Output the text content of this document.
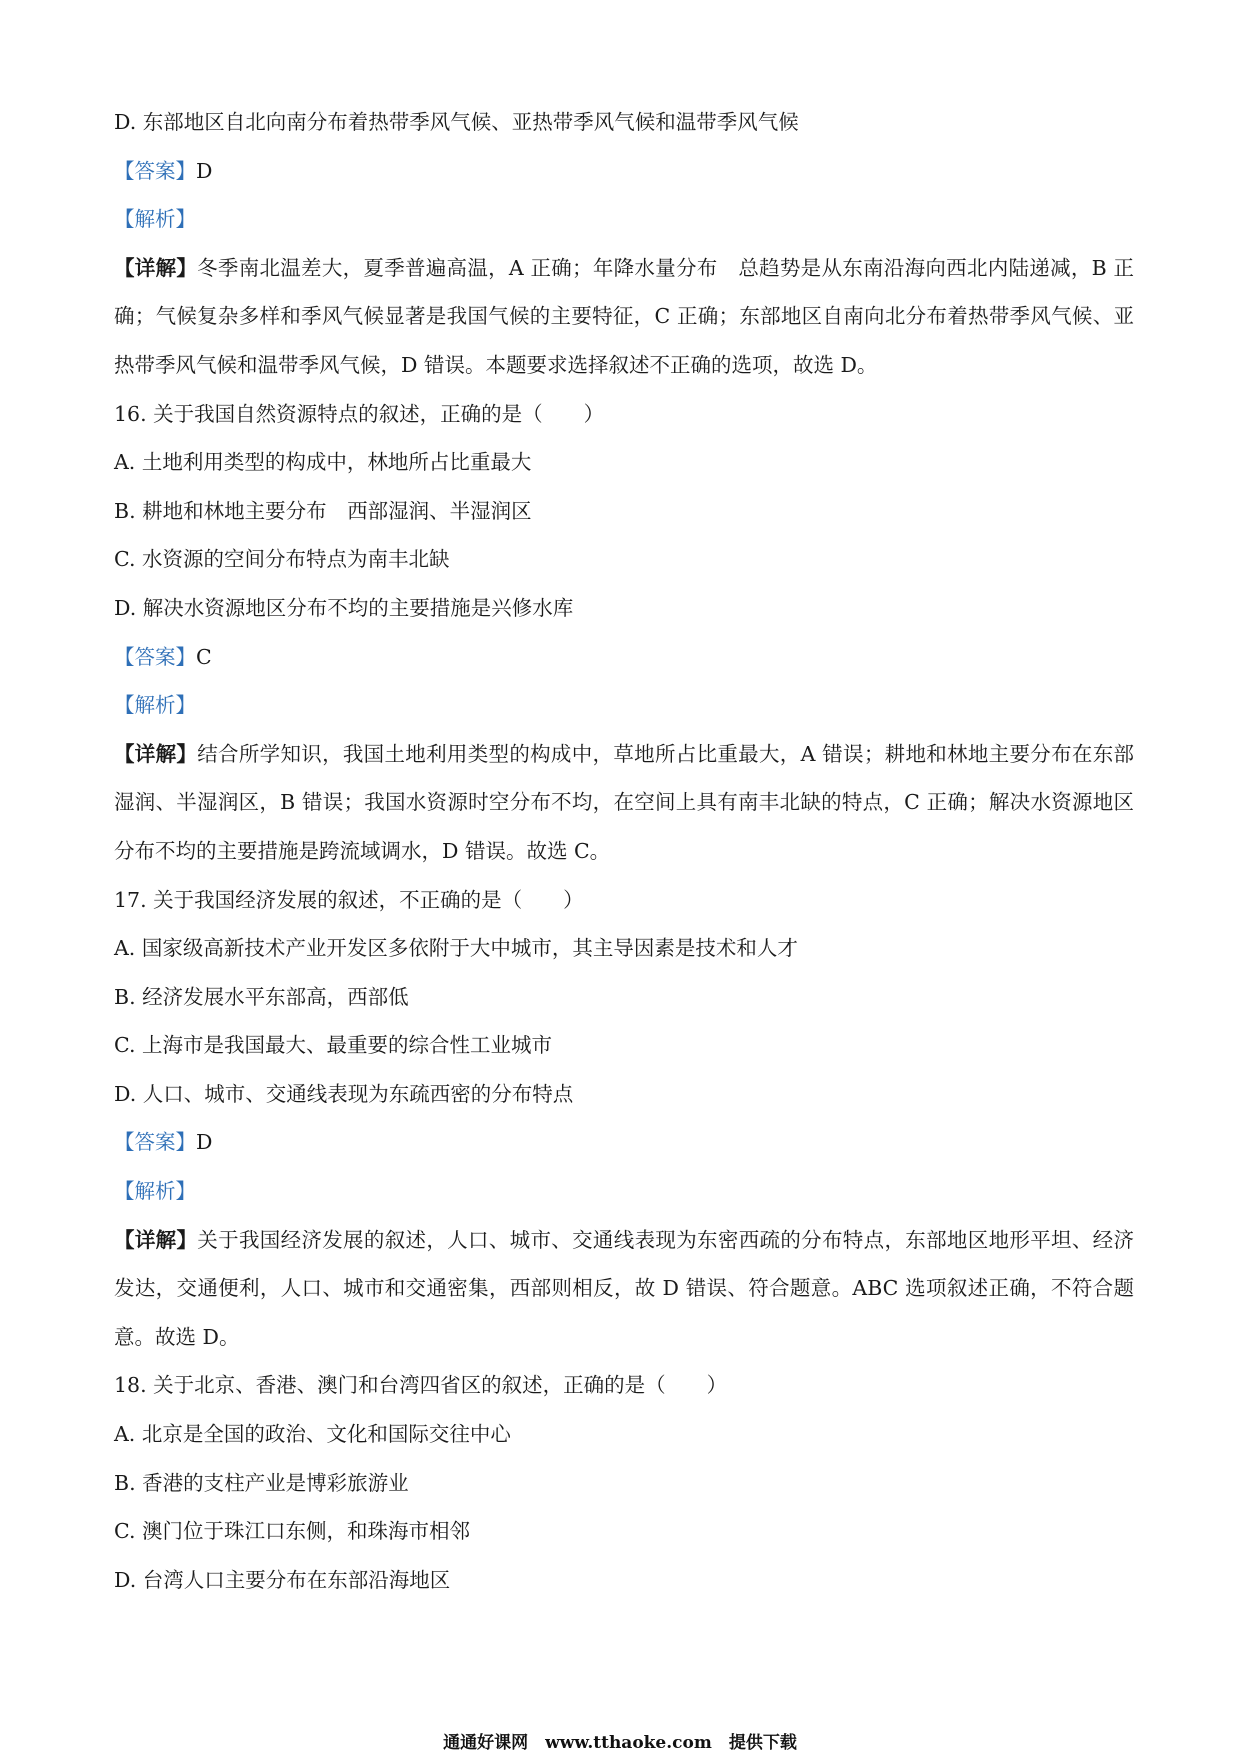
D. 东部地区自北向南分布着热带季风气候、亚热带季风气候和温带季风气候
【答案】D
【解析】
【详解】冬季南北温差大，夏季普遍高温，A 正确；年降水量分布　总趋势是从东南沿海向西北内陆递减，B 正确；气候复杂多样和季风气候显著是我国气候的主要特征，C 正确；东部地区自南向北分布着热带季风气候、亚热带季风气候和温带季风气候，D 错误。本题要求选择叙述不正确的选项，故选 D。
16. 关于我国自然资源特点的叙述，正确的是（　　）
A. 土地利用类型的构成中，林地所占比重最大
B. 耕地和林地主要分布　西部湿润、半湿润区
C. 水资源的空间分布特点为南丰北缺
D. 解决水资源地区分布不均的主要措施是兴修水库
【答案】C
【解析】
【详解】结合所学知识，我国土地利用类型的构成中，草地所占比重最大，A 错误；耕地和林地主要分布在东部湿润、半湿润区，B 错误；我国水资源时空分布不均，在空间上具有南丰北缺的特点，C 正确；解决水资源地区分布不均的主要措施是跨流域调水，D 错误。故选 C。
17. 关于我国经济发展的叙述，不正确的是（　　）
A. 国家级高新技术产业开发区多依附于大中城市，其主导因素是技术和人才
B. 经济发展水平东部高，西部低
C. 上海市是我国最大、最重要的综合性工业城市
D. 人口、城市、交通线表现为东疏西密的分布特点
【答案】D
【解析】
【详解】关于我国经济发展的叙述，人口、城市、交通线表现为东密西疏的分布特点，东部地区地形平坦、经济发达，交通便利，人口、城市和交通密集，西部则相反，故 D 错误、符合题意。ABC 选项叙述正确，不符合题意。故选 D。
18. 关于北京、香港、澳门和台湾四省区的叙述，正确的是（　　）
A. 北京是全国的政治、文化和国际交往中心
B. 香港的支柱产业是博彩旅游业
C. 澳门位于珠江口东侧，和珠海市相邻
D. 台湾人口主要分布在东部沿海地区
通通好课网　www.tthaoke.com　提供下载
